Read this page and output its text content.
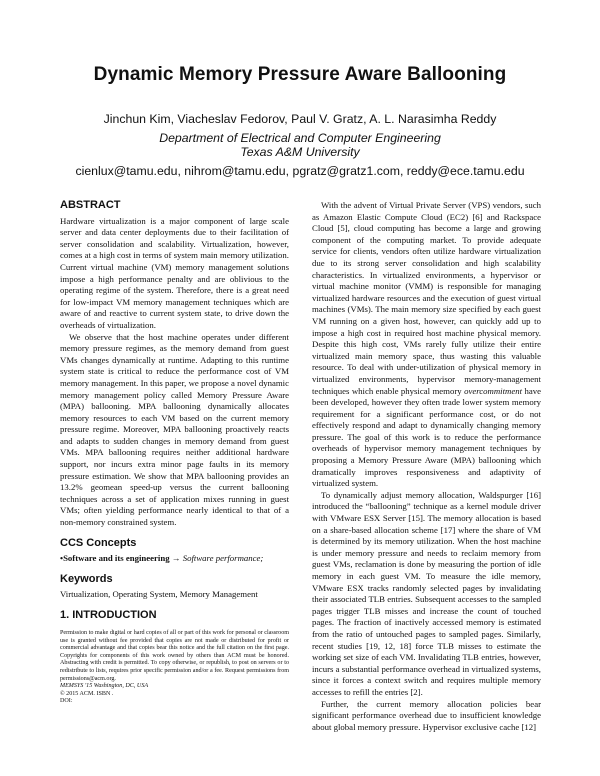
Dynamic Memory Pressure Aware Ballooning
Jinchun Kim, Viacheslav Fedorov, Paul V. Gratz, A. L. Narasimha Reddy
Department of Electrical and Computer Engineering
Texas A&M University
cienlux@tamu.edu, nihrom@tamu.edu, pgratz@gratz1.com, reddy@ece.tamu.edu
ABSTRACT

Hardware virtualization is a major component of large scale server and data center deployments due to their facilitation of server consolidation and scalability. Virtualization, however, comes at a high cost in terms of system main memory utilization. Current virtual machine (VM) memory management solutions impose a high performance penalty and are oblivious to the operating regime of the system. Therefore, there is a great need for low-impact VM memory management techniques which are aware of and reactive to current system state, to drive down the overheads of virtualization.

We observe that the host machine operates under different memory pressure regimes, as the memory demand from guest VMs changes dynamically at runtime. Adapting to this runtime system state is critical to reduce the performance cost of VM memory management. In this paper, we propose a novel dynamic memory management policy called Memory Pressure Aware (MPA) ballooning. MPA ballooning dynamically allocates memory resources to each VM based on the current memory pressure regime. Moreover, MPA ballooning proactively reacts and adapts to sudden changes in memory demand from guest VMs. MPA ballooning requires neither additional hardware support, nor incurs extra minor page faults in its memory pressure estimation. We show that MPA ballooning provides an 13.2% geomean speed-up versus the current ballooning techniques across a set of application mixes running in guest VMs; often yielding performance nearly identical to that of a non-memory constrained system.

CCS Concepts

•Software and its engineering → Software performance;

Keywords

Virtualization, Operating System, Memory Management

1. INTRODUCTION

Permission to make digital or hard copies of all or part of this work for personal or classroom use is granted without fee provided that copies are not made or distributed for profit or commercial advantage and that copies bear this notice and the full citation on the first page. Copyrights for components of this work owned by others than ACM must be honored. Abstracting with credit is permitted. To copy otherwise, or republish, to post on servers or to redistribute to lists, requires prior specific permission and/or a fee. Request permissions from permissions@acm.org.

MEMSYS '15 Washington, DC, USA

© 2015 ACM. ISBN .

DOI:

With the advent of Virtual Private Server (VPS) vendors, such as Amazon Elastic Compute Cloud (EC2) [6] and Rackspace Cloud [5], cloud computing has become a large and growing component of the computing market. To provide adequate service for clients, vendors often utilize hardware virtualization due to its strong server consolidation and high scalability characteristics. In virtualized environments, a hypervisor or virtual machine monitor (VMM) is responsible for managing virtualized hardware resources and the execution of guest virtual machines (VMs). The main memory size specified by each guest VM running on a given host, however, can quickly add up to impose a high cost in required host machine physical memory. Despite this high cost, VMs rarely fully utilize their entire virtualized main memory space, thus wasting this valuable resource. To deal with under-utilization of physical memory in virtualized environments, hypervisor memory-management techniques which enable physical memory overcommitment have been developed, however they often trade lower system memory requirement for a significant performance cost, or do not effectively respond and adapt to dynamically changing memory pressure. The goal of this work is to reduce the performance overheads of hypervisor memory management techniques by proposing a Memory Pressure Aware (MPA) ballooning which dramatically improves responsiveness and adaptivity of virtualized system.

To dynamically adjust memory allocation, Waldspurger [16] introduced the “ballooning” technique as a kernel module driver with VMware ESX Server [15]. The memory allocation is based on a share-based allocation scheme [17] where the share of VM is determined by its memory utilization. When the host machine is under memory pressure and needs to reclaim memory from guest VMs, reclamation is done by measuring the portion of idle memory in each guest VM. To measure the idle memory, VMware ESX tracks randomly selected pages by invalidating their associated TLB entries. Subsequent accesses to the sampled pages trigger TLB misses and increase the count of touched pages. The fraction of inactively accessed memory is estimated from the ratio of untouched pages to sampled pages. Similarly, recent studies [19, 12, 18] force TLB misses to estimate the working set size of each VM. Invalidating TLB entries, however, incurs a substantial performance overhead in virtualized systems, since it forces a context switch and requires multiple memory accesses to refill the entries [2].

Further, the current memory allocation policies bear significant performance overhead due to insufficient knowledge about global memory pressure. Hypervisor exclusive cache [12]
